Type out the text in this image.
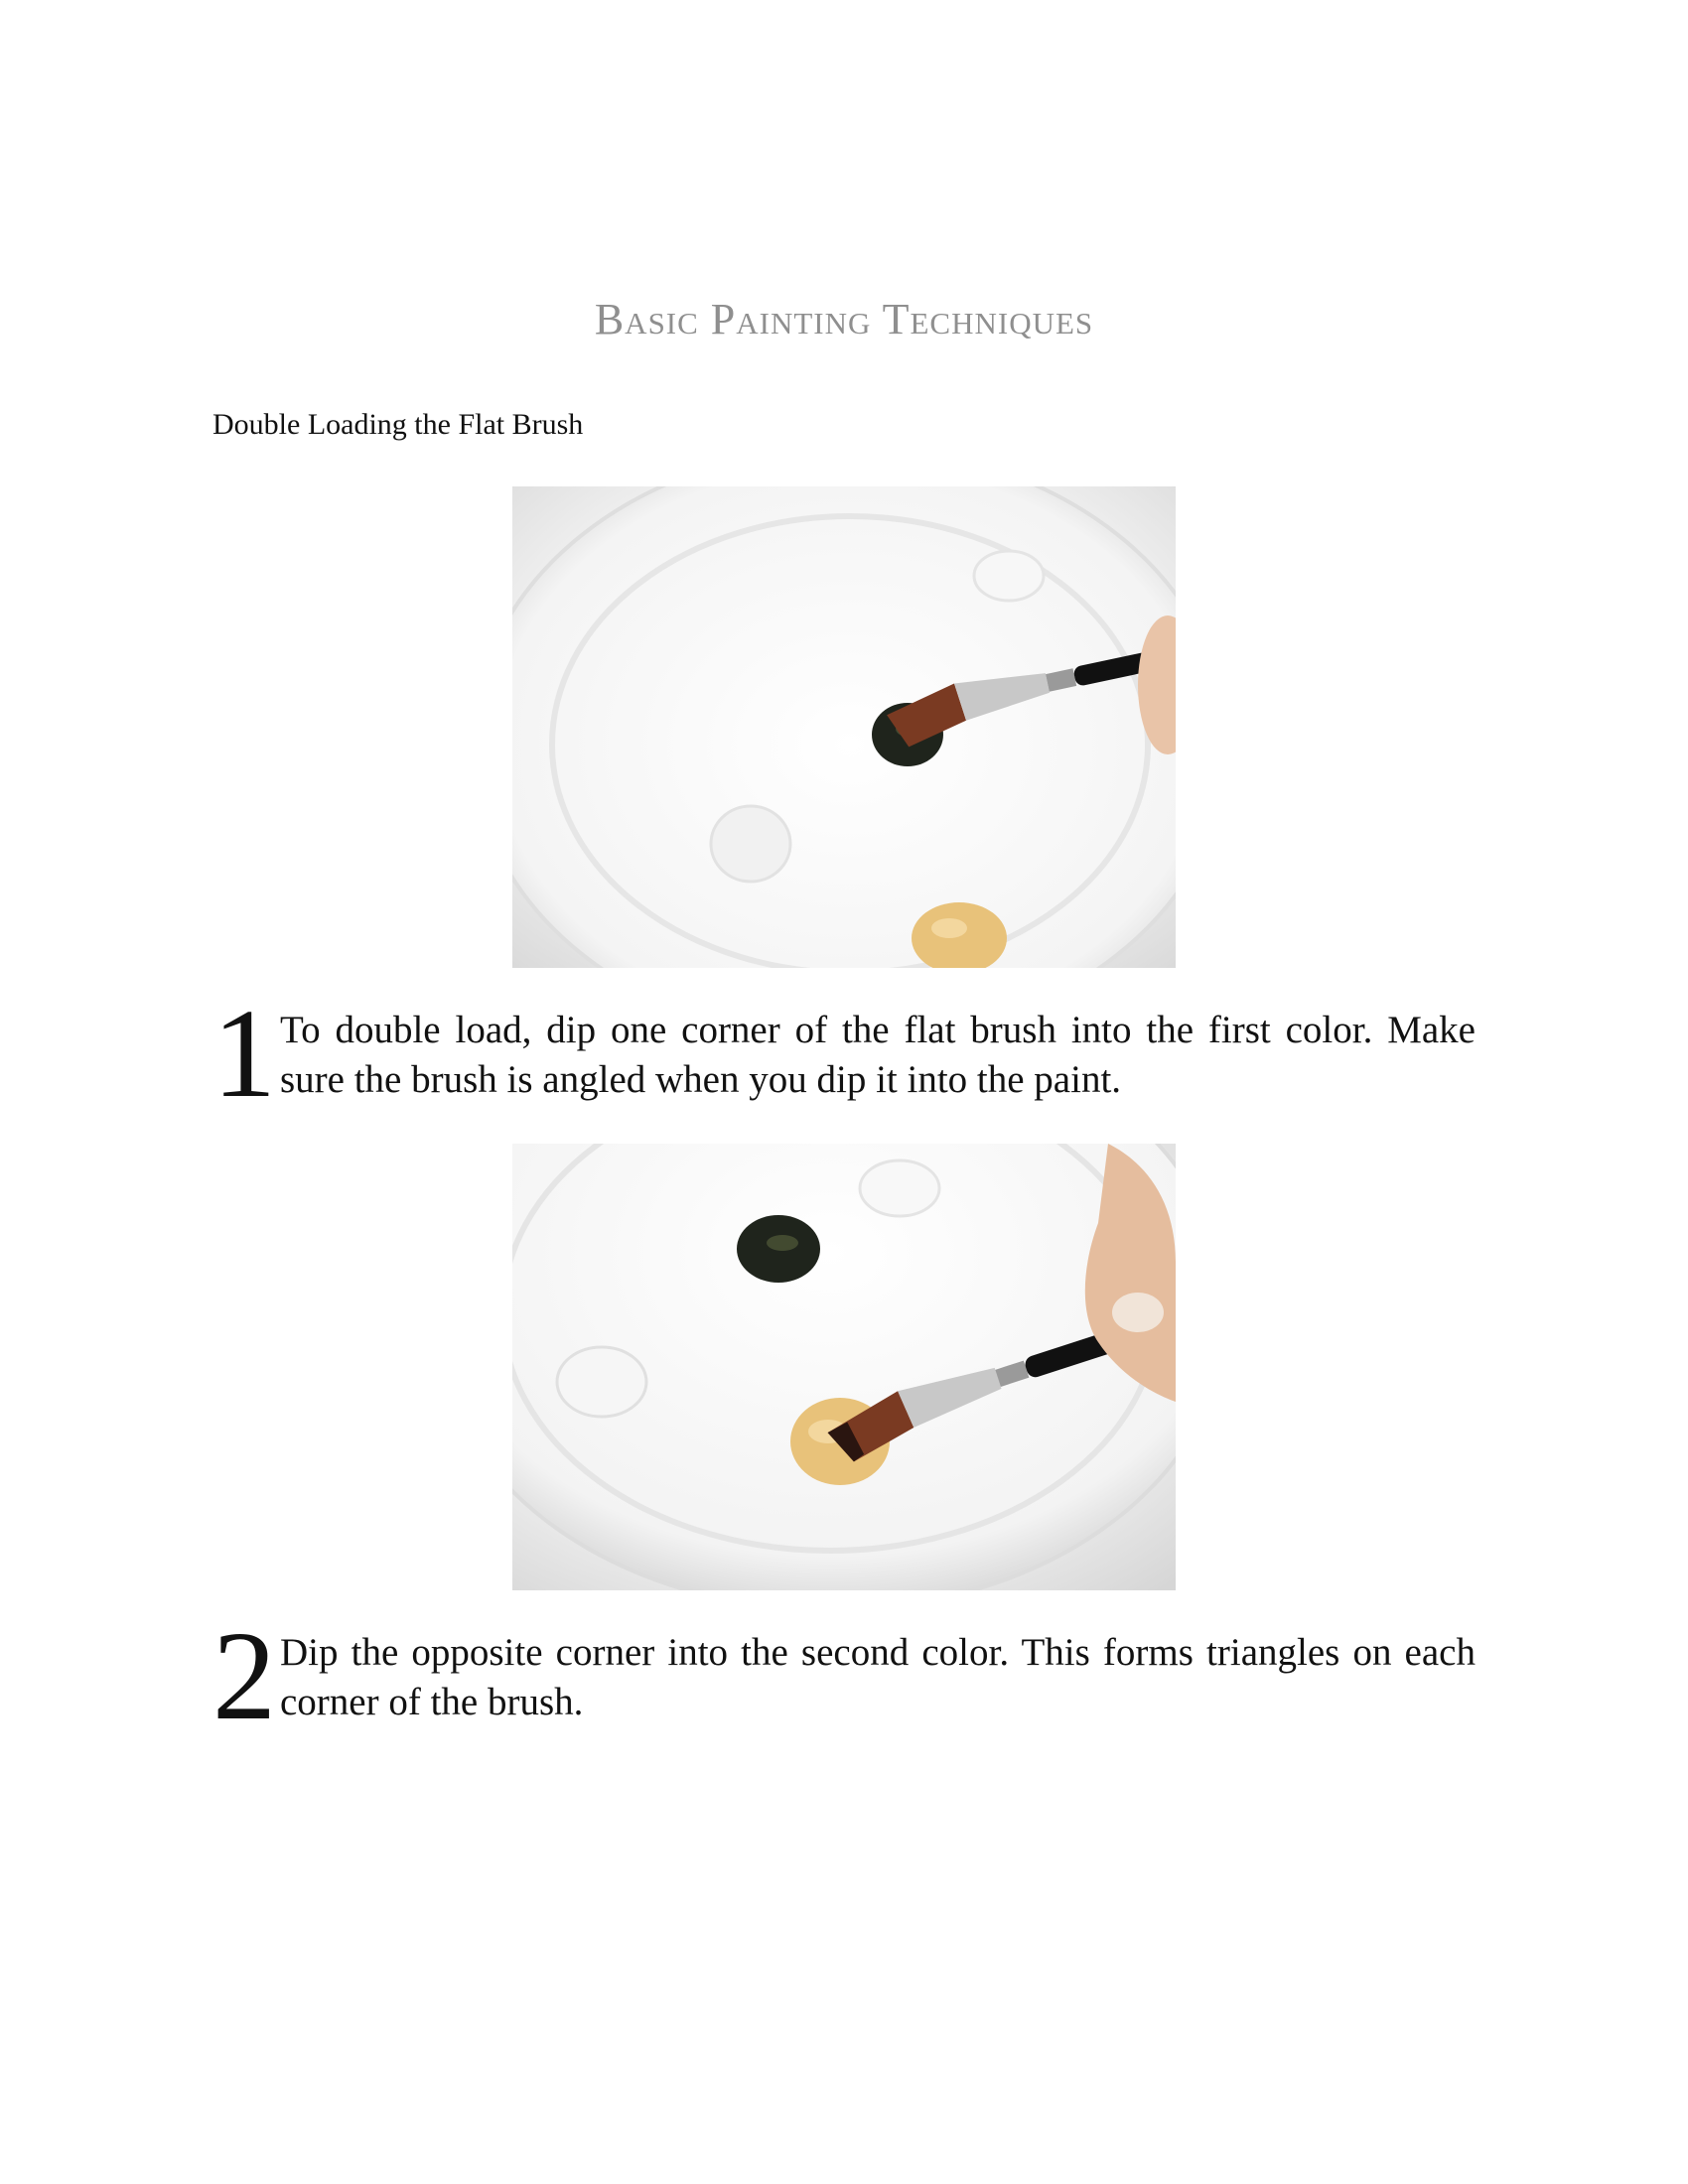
Basic Painting Techniques
Double Loading the Flat Brush
1 To double load, dip one corner of the flat brush into the first color. Make sure the brush is angled when you dip it into the paint.
2 Dip the opposite corner into the second color. This forms triangles on each corner of the brush.
